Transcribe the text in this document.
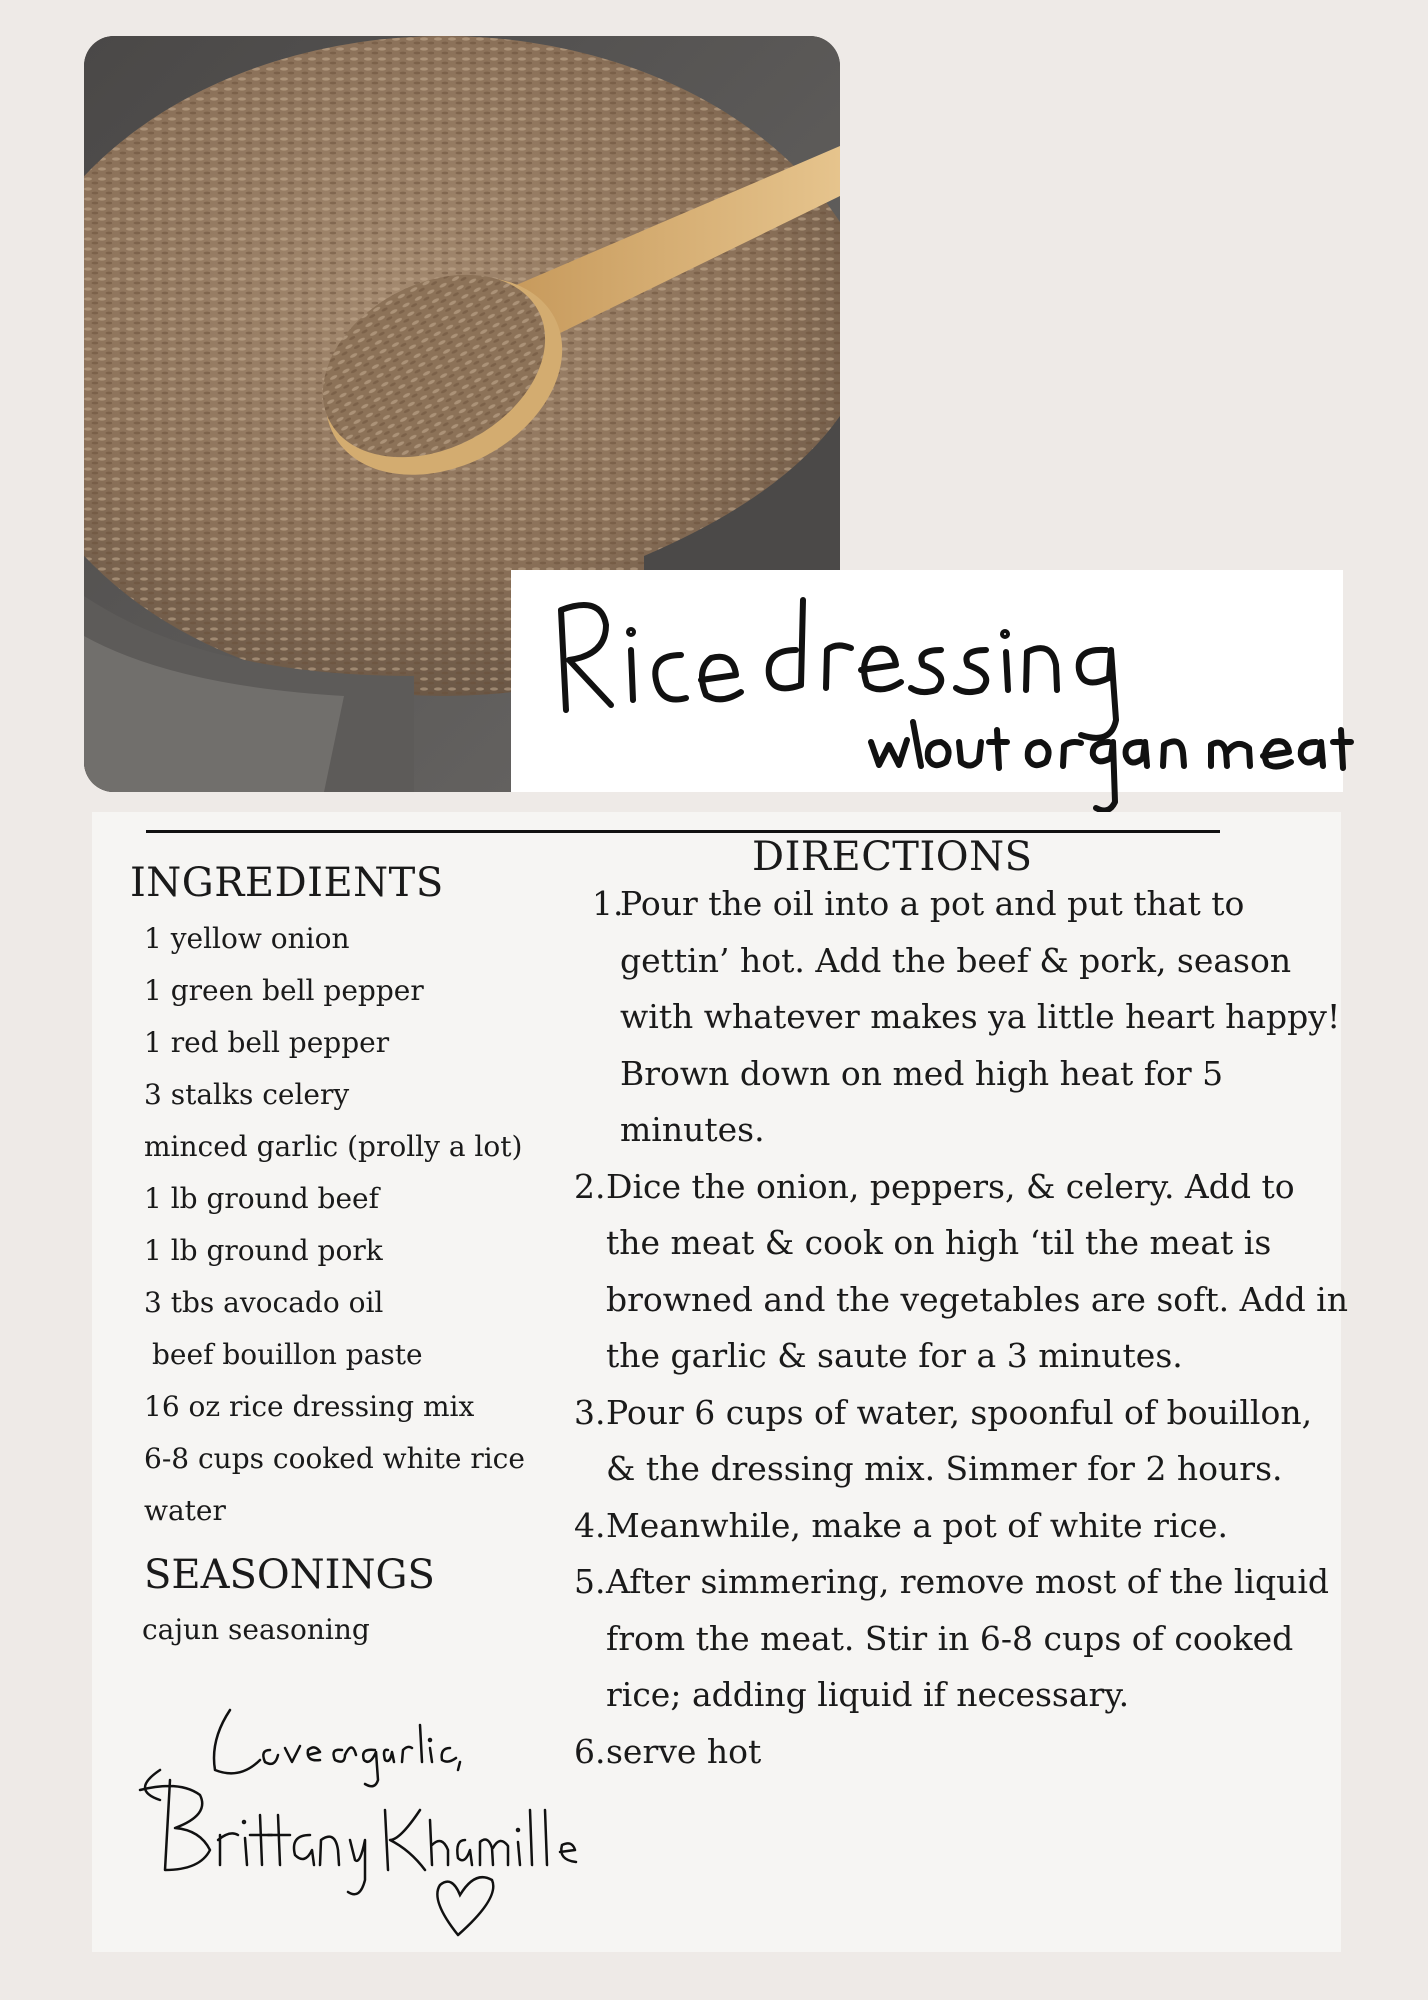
INGREDIENTS
1 yellow onion
1 green bell pepper
1 red bell pepper
3 stalks celery
minced garlic (prolly a lot)
1 lb ground beef
1 lb ground pork
3 tbs avocado oil
beef bouillon paste
16 oz rice dressing mix
6-8 cups cooked white rice
water
SEASONINGS
cajun seasoning
DIRECTIONS
1.
Pour the oil into a pot and put that to gettin’ hot. Add the beef & pork, season with whatever makes ya little heart happy! Brown down on med high heat for 5 minutes.
2. Dice the onion, peppers, & celery. Add to the meat & cook on high ‘til the meat is browned and the vegetables are soft. Add in the garlic & saute for a 3 minutes.
3. Pour 6 cups of water, spoonful of bouillon, & the dressing mix. Simmer for 2 hours.
4. Meanwhile, make a pot of white rice.
5. After simmering, remove most of the liquid from the meat. Stir in 6-8 cups of cooked rice; adding liquid if necessary.
6. serve hot
